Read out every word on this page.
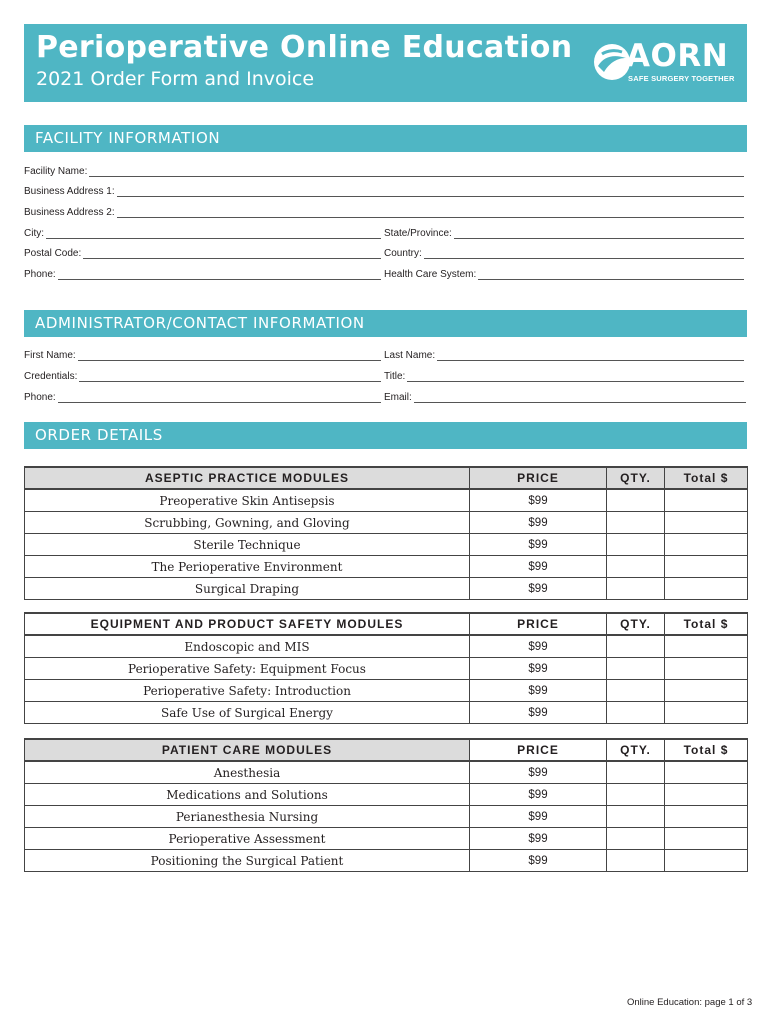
Perioperative Online Education
2021 Order Form and Invoice
AORN
SAFE SURGERY TOGETHER
FACILITY INFORMATION
Facility Name:
Business Address 1:
Business Address 2:
City:	State/Province:
Postal Code:	Country:
Phone:	Health Care System:
ADMINISTRATOR/CONTACT INFORMATION
First Name:	Last Name:
Credentials:	Title:
Phone:	Email:
ORDER DETAILS
ASEPTIC PRACTICE MODULES	PRICE	QTY.	Total $
Preoperative Skin Antisepsis	$99		
Scrubbing, Gowning, and Gloving	$99		
Sterile Technique	$99		
The Perioperative Environment	$99		
Surgical Draping	$99		
EQUIPMENT AND PRODUCT SAFETY MODULES	PRICE	QTY.	Total $
Endoscopic and MIS	$99		
Perioperative Safety: Equipment Focus	$99		
Perioperative Safety: Introduction	$99		
Safe Use of Surgical Energy	$99		
PATIENT CARE MODULES	PRICE	QTY.	Total $
Anesthesia	$99		
Medications and Solutions	$99		
Perianesthesia Nursing	$99		
Perioperative Assessment	$99		
Positioning the Surgical Patient	$99		
Online Education: page 1 of 3
